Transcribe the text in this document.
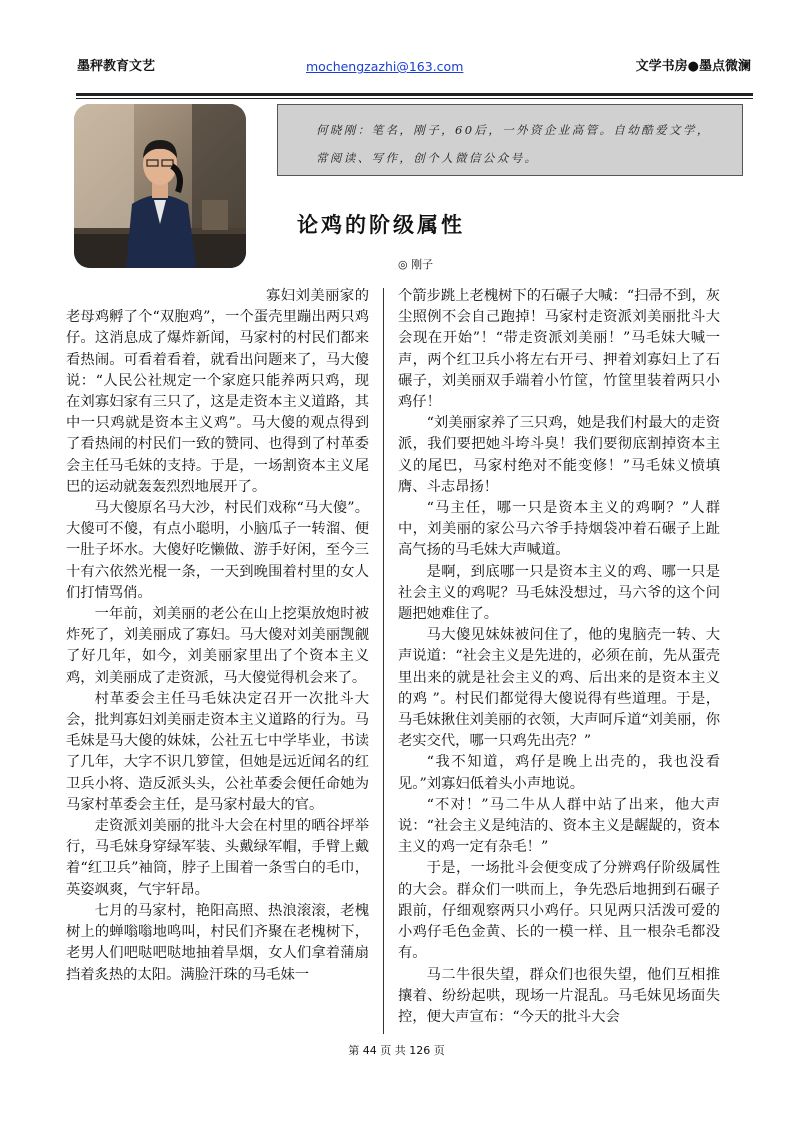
墨秤教育文艺	mochengzazhi@163.com	文学书房●墨点微澜
何晓刚：笔名，刚子，60后，一外资企业高管。自幼酷爱文学，
常阅读、写作，创个人微信公众号。
论鸡的阶级属性
◎ 刚子

寡妇刘美丽家的老母鸡孵了个“双胞鸡”，一个蛋壳里蹦出两只鸡仔。这消息成了爆炸新闻，马家村的村民们都来看热闹。可看着看着，就看出问题来了，马大傻说：“人民公社规定一个家庭只能养两只鸡，现在刘寡妇家有三只了，这是走资本主义道路，其中一只鸡就是资本主义鸡”。马大傻的观点得到了看热闹的村民们一致的赞同、也得到了村革委会主任马毛妹的支持。于是，一场割资本主义尾巴的运动就轰轰烈烈地展开了。

马大傻原名马大沙，村民们戏称“马大傻”。大傻可不傻，有点小聪明，小脑瓜子一转溜、便一肚子坏水。大傻好吃懒做、游手好闲，至今三十有六依然光棍一条，一天到晚围着村里的女人们打情骂俏。

一年前，刘美丽的老公在山上挖渠放炮时被炸死了，刘美丽成了寡妇。马大傻对刘美丽觊觎了好几年，如今，刘美丽家里出了个资本主义鸡，刘美丽成了走资派，马大傻觉得机会来了。

村革委会主任马毛妹决定召开一次批斗大会，批判寡妇刘美丽走资本主义道路的行为。马毛妹是马大傻的妹妹，公社五七中学毕业，书读了几年，大字不识几箩筐，但她是远近闻名的红卫兵小将、造反派头头，公社革委会便任命她为马家村革委会主任，是马家村最大的官。

走资派刘美丽的批斗大会在村里的晒谷坪举行，马毛妹身穿绿军装、头戴绿军帽，手臂上戴着“红卫兵”袖筒，脖子上围着一条雪白的毛巾，英姿飒爽，气宇轩昂。

七月的马家村，艳阳高照、热浪滚滚，老槐树上的蝉嗡嗡地鸣叫，村民们齐聚在老槐树下，老男人们吧哒吧哒地抽着旱烟，女人们拿着蒲扇挡着炙热的太阳。满脸汗珠的马毛妹一

个箭步跳上老槐树下的石碾子大喊：“扫帚不到，灰尘照例不会自己跑掉！马家村走资派刘美丽批斗大会现在开始”！“带走资派刘美丽！”马毛妹大喊一声，两个红卫兵小将左右开弓、押着刘寡妇上了石碾子，刘美丽双手端着小竹筐，竹筐里装着两只小鸡仔！

“刘美丽家养了三只鸡，她是我们村最大的走资派，我们要把她斗垮斗臭！我们要彻底割掉资本主义的尾巴，马家村绝对不能变修！”马毛妹义愤填膺、斗志昂扬！

“马主任，哪一只是资本主义的鸡啊？”人群中，刘美丽的家公马六爷手持烟袋冲着石碾子上趾高气扬的马毛妹大声喊道。

是啊，到底哪一只是资本主义的鸡、哪一只是社会主义的鸡呢？马毛妹没想过，马六爷的这个问题把她难住了。

马大傻见妹妹被问住了，他的鬼脑壳一转、大声说道：“社会主义是先进的，必须在前，先从蛋壳里出来的就是社会主义的鸡、后出来的是资本主义的鸡 ”。村民们都觉得大傻说得有些道理。于是，马毛妹揪住刘美丽的衣领，大声呵斥道“刘美丽，你老实交代，哪一只鸡先出壳？”

“我不知道，鸡仔是晚上出壳的，我也没看见。”刘寡妇低着头小声地说。

“不对！”马二牛从人群中站了出来，他大声说：“社会主义是纯洁的、资本主义是龌龊的，资本主义的鸡一定有杂毛！”

于是，一场批斗会便变成了分辨鸡仔阶级属性的大会。群众们一哄而上，争先恐后地拥到石碾子跟前，仔细观察两只小鸡仔。只见两只活泼可爱的小鸡仔毛色金黄、长的一模一样、且一根杂毛都没有。

马二牛很失望，群众们也很失望，他们互相推攘着、纷纷起哄，现场一片混乱。马毛妹见场面失控，便大声宣布：“今天的批斗大会

第 44 页 共 126 页
